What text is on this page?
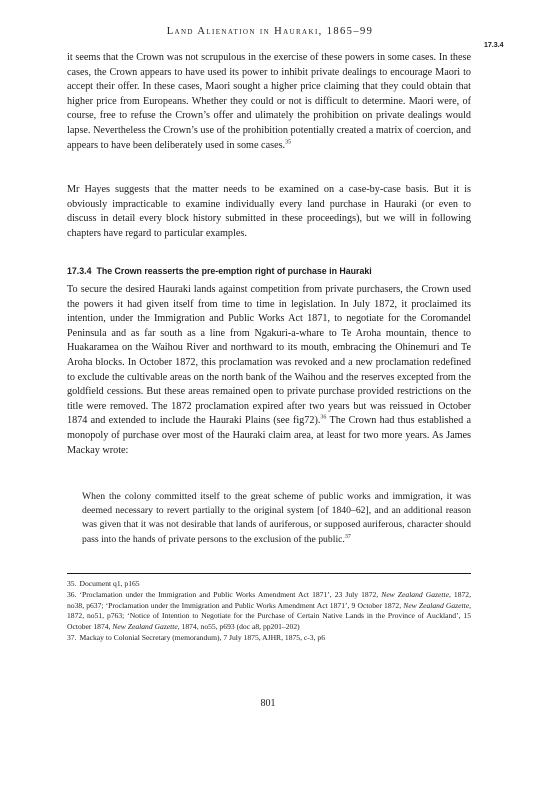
Land Alienation in Hauraki, 1865–99
17.3.4

it seems that the Crown was not scrupulous in the exercise of these powers in some cases. In these cases, the Crown appears to have used its power to inhibit private dealings to encourage Maori to accept their offer. In these cases, Maori sought a higher price claiming that they could obtain that higher price from Europeans. Whether they could or not is difficult to determine. Maori were, of course, free to refuse the Crown’s offer and ulimately the prohibition on private dealings would lapse. Nevertheless the Crown’s use of the prohibition potentially created a matrix of coercion, and appears to have been deliberately used in some cases.$^{35}$

Mr Hayes suggests that the matter needs to be examined on a case-by-case basis. But it is obviously impracticable to examine individually every land purchase in Hauraki (or even to discuss in detail every block history submitted in these proceedings), but we will in following chapters have regard to particular examples.

17.3.4 The Crown reasserts the pre-emption right of purchase in Hauraki

To secure the desired Hauraki lands against competition from private purchasers, the Crown used the powers it had given itself from time to time in legislation. In July 1872, it proclaimed its intention, under the Immigration and Public Works Act 1871, to negotiate for the Coromandel Peninsula and as far south as a line from Ngakuri-a-whare to Te Aroha mountain, thence to Huakaramea on the Waihou River and northward to its mouth, embracing the Ohinemuri and Te Aroha blocks. In October 1872, this proclamation was revoked and a new proclamation redefined to exclude the cultivable areas on the north bank of the Waihou and the reserves excepted from the goldfield cessions. But these areas remained open to private purchase provided restrictions on the title were removed. The 1872 proclamation expired after two years but was reissued in October 1874 and extended to include the Hauraki Plains (see fig72).$^{36}$ The Crown had thus established a monopoly of purchase over most of the Hauraki claim area, at least for two more years. As James Mackay wrote:

When the colony committed itself to the great scheme of public works and immigration, it was deemed necessary to revert partially to the original system [of 1840–62], and an additional reason was given that it was not desirable that lands of auriferous, or supposed auriferous, character should pass into the hands of private persons to the exclusion of the public.$^{37}$

35. Document q1, p165
36. ‘Proclamation under the Immigration and Public Works Amendment Act 1871’, 23 July 1872, New Zealand Gazette, 1872, no38, p637; ‘Proclamation under the Immigration and Public Works Amendment Act 1871’, 9 October 1872, New Zealand Gazette, 1872, no51, p763; ‘Notice of Intention to Negotiate for the Purchase of Certain Native Lands in the Province of Auckland’, 15 October 1874, New Zealand Gazette, 1874, no55, p693 (doc a8, pp201–202)
37. Mackay to Colonial Secretary (memorandum), 7 July 1875, AJHR, 1875, c-3, p6
801
